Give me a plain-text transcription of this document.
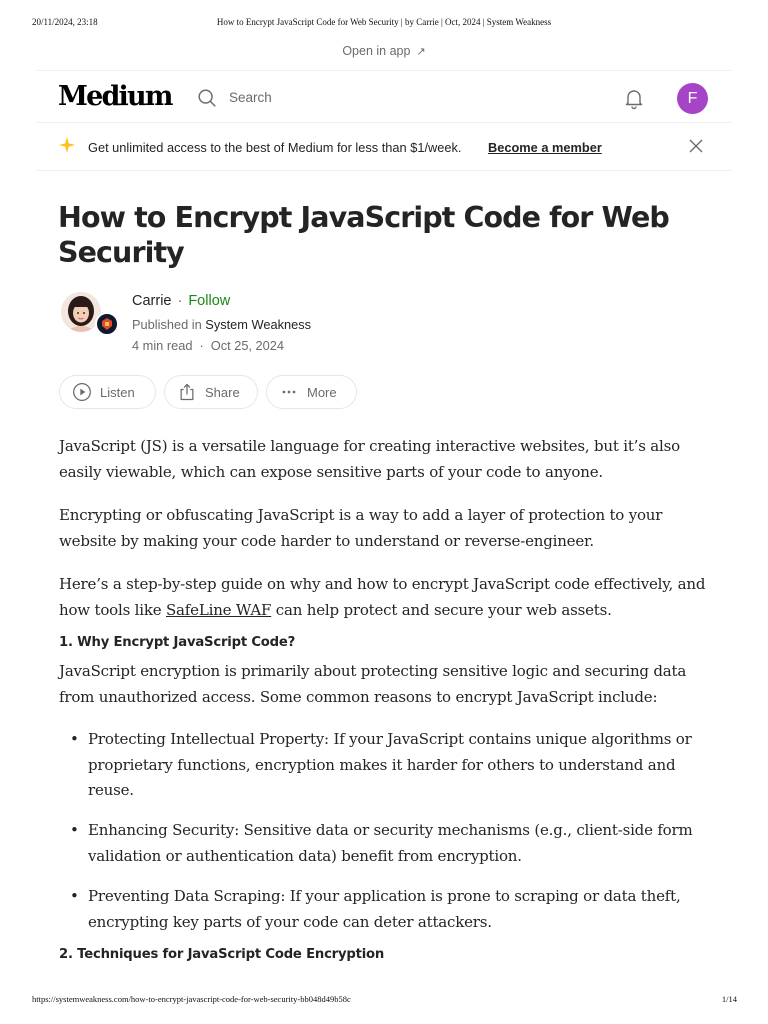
20/11/2024, 23:18	How to Encrypt JavaScript Code for Web Security | by Carrie | Oct, 2024 | System Weakness
Open in app ↗
Medium	Search	F
Get unlimited access to the best of Medium for less than $1/week. Become a member
How to Encrypt JavaScript Code for Web Security
Carrie · Follow
Published in System Weakness
4 min read · Oct 25, 2024
Listen	Share	More

JavaScript (JS) is a versatile language for creating interactive websites, but it’s also easily viewable, which can expose sensitive parts of your code to anyone.

Encrypting or obfuscating JavaScript is a way to add a layer of protection to your website by making your code harder to understand or reverse-engineer.

Here’s a step-by-step guide on why and how to encrypt JavaScript code effectively, and how tools like SafeLine WAF can help protect and secure your web assets.

1. Why Encrypt JavaScript Code?

JavaScript encryption is primarily about protecting sensitive logic and securing data from unauthorized access. Some common reasons to encrypt JavaScript include:

• Protecting Intellectual Property: If your JavaScript contains unique algorithms or proprietary functions, encryption makes it harder for others to understand and reuse.
• Enhancing Security: Sensitive data or security mechanisms (e.g., client-side form validation or authentication data) benefit from encryption.
• Preventing Data Scraping: If your application is prone to scraping or data theft, encrypting key parts of your code can deter attackers.
2. Techniques for JavaScript Code Encryption
https://systemweakness.com/how-to-encrypt-javascript-code-for-web-security-bb048d49b58c	1/14
